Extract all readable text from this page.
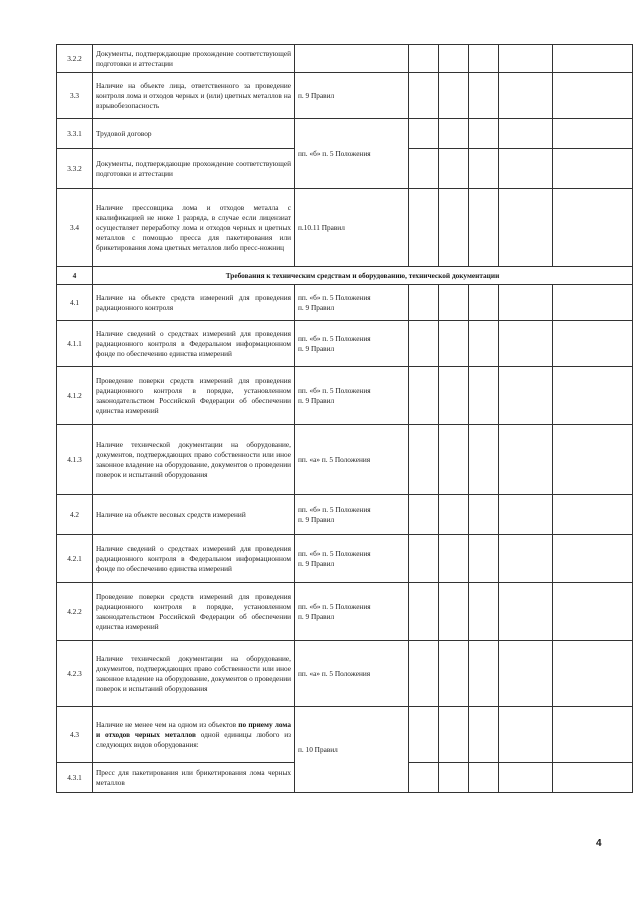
3.2.2	Документы, подтверждающие прохождение соответствующей подготовки и аттестации						
3.3	Наличие на объекте лица, ответственного за проведение контроля лома и отходов черных и (или) цветных металлов на взрывобезопасность	п. 9 Правил					
3.3.1	Трудовой договор	пп. «б» п. 5 Положения					
3.3.2	Документы, подтверждающие прохождение соответствующей подготовки и аттестации						
3.4	Наличие прессовщика лома и отходов металла с квалификацией не ниже 1 разряда, в случае если лицензиат осуществляет переработку лома и отходов черных и цветных металлов с помощью пресса для пакетирования или брикетирования лома цветных металлов либо пресс-ножниц	п.10.11 Правил					
4	Требования к техническим средствам и оборудованию, технической документации						
4.1	Наличие на объекте средств измерений для проведения радиационного контроля	пп. «б» п. 5 Положения
п. 9 Правил					

4.1.1	Наличие сведений о средствах измерений для проведения радиационного контроля в Федеральном информационном фонде по обеспечению единства измерений	пп. «б» п. 5 Положения
п. 9 Правил					

4.1.2	Проведение поверки средств измерений для проведения радиационного контроля в порядке, установленном законодательством Российской Федерации об обеспечении единства измерений	пп. «б» п. 5 Положения
п. 9 Правил					

4.1.3	Наличие технической документации на оборудование, документов, подтверждающих право собственности или иное законное владение на оборудование, документов о проведении поверок и испытаний оборудования	пп. «а» п. 5 Положения					
4.2	Наличие на объекте весовых средств измерений	пп. «б» п. 5 Положения
п. 9 Правил					

4.2.1	Наличие сведений о средствах измерений для проведения радиационного контроля в Федеральном информационном фонде по обеспечению единства измерений	пп. «б» п. 5 Положения
п. 9 Правил					

4.2.2	Проведение поверки средств измерений для проведения радиационного контроля в порядке, установленном законодательством Российской Федерации об обеспечении единства измерений	пп. «б» п. 5 Положения
п. 9 Правил					

4.2.3	Наличие технической документации на оборудование, документов, подтверждающих право собственности или иное законное владение на оборудование, документов о проведении поверок и испытаний оборудования	пп. «а» п. 5 Положения					
4.3	Наличие не менее чем на одном из объектов по приему лома и отходов черных металлов одной единицы любого из следующих видов оборудования:	п. 10 Правил					
4.3.1	Пресс для пакетирования или брикетирования лома черных металлов						
4
